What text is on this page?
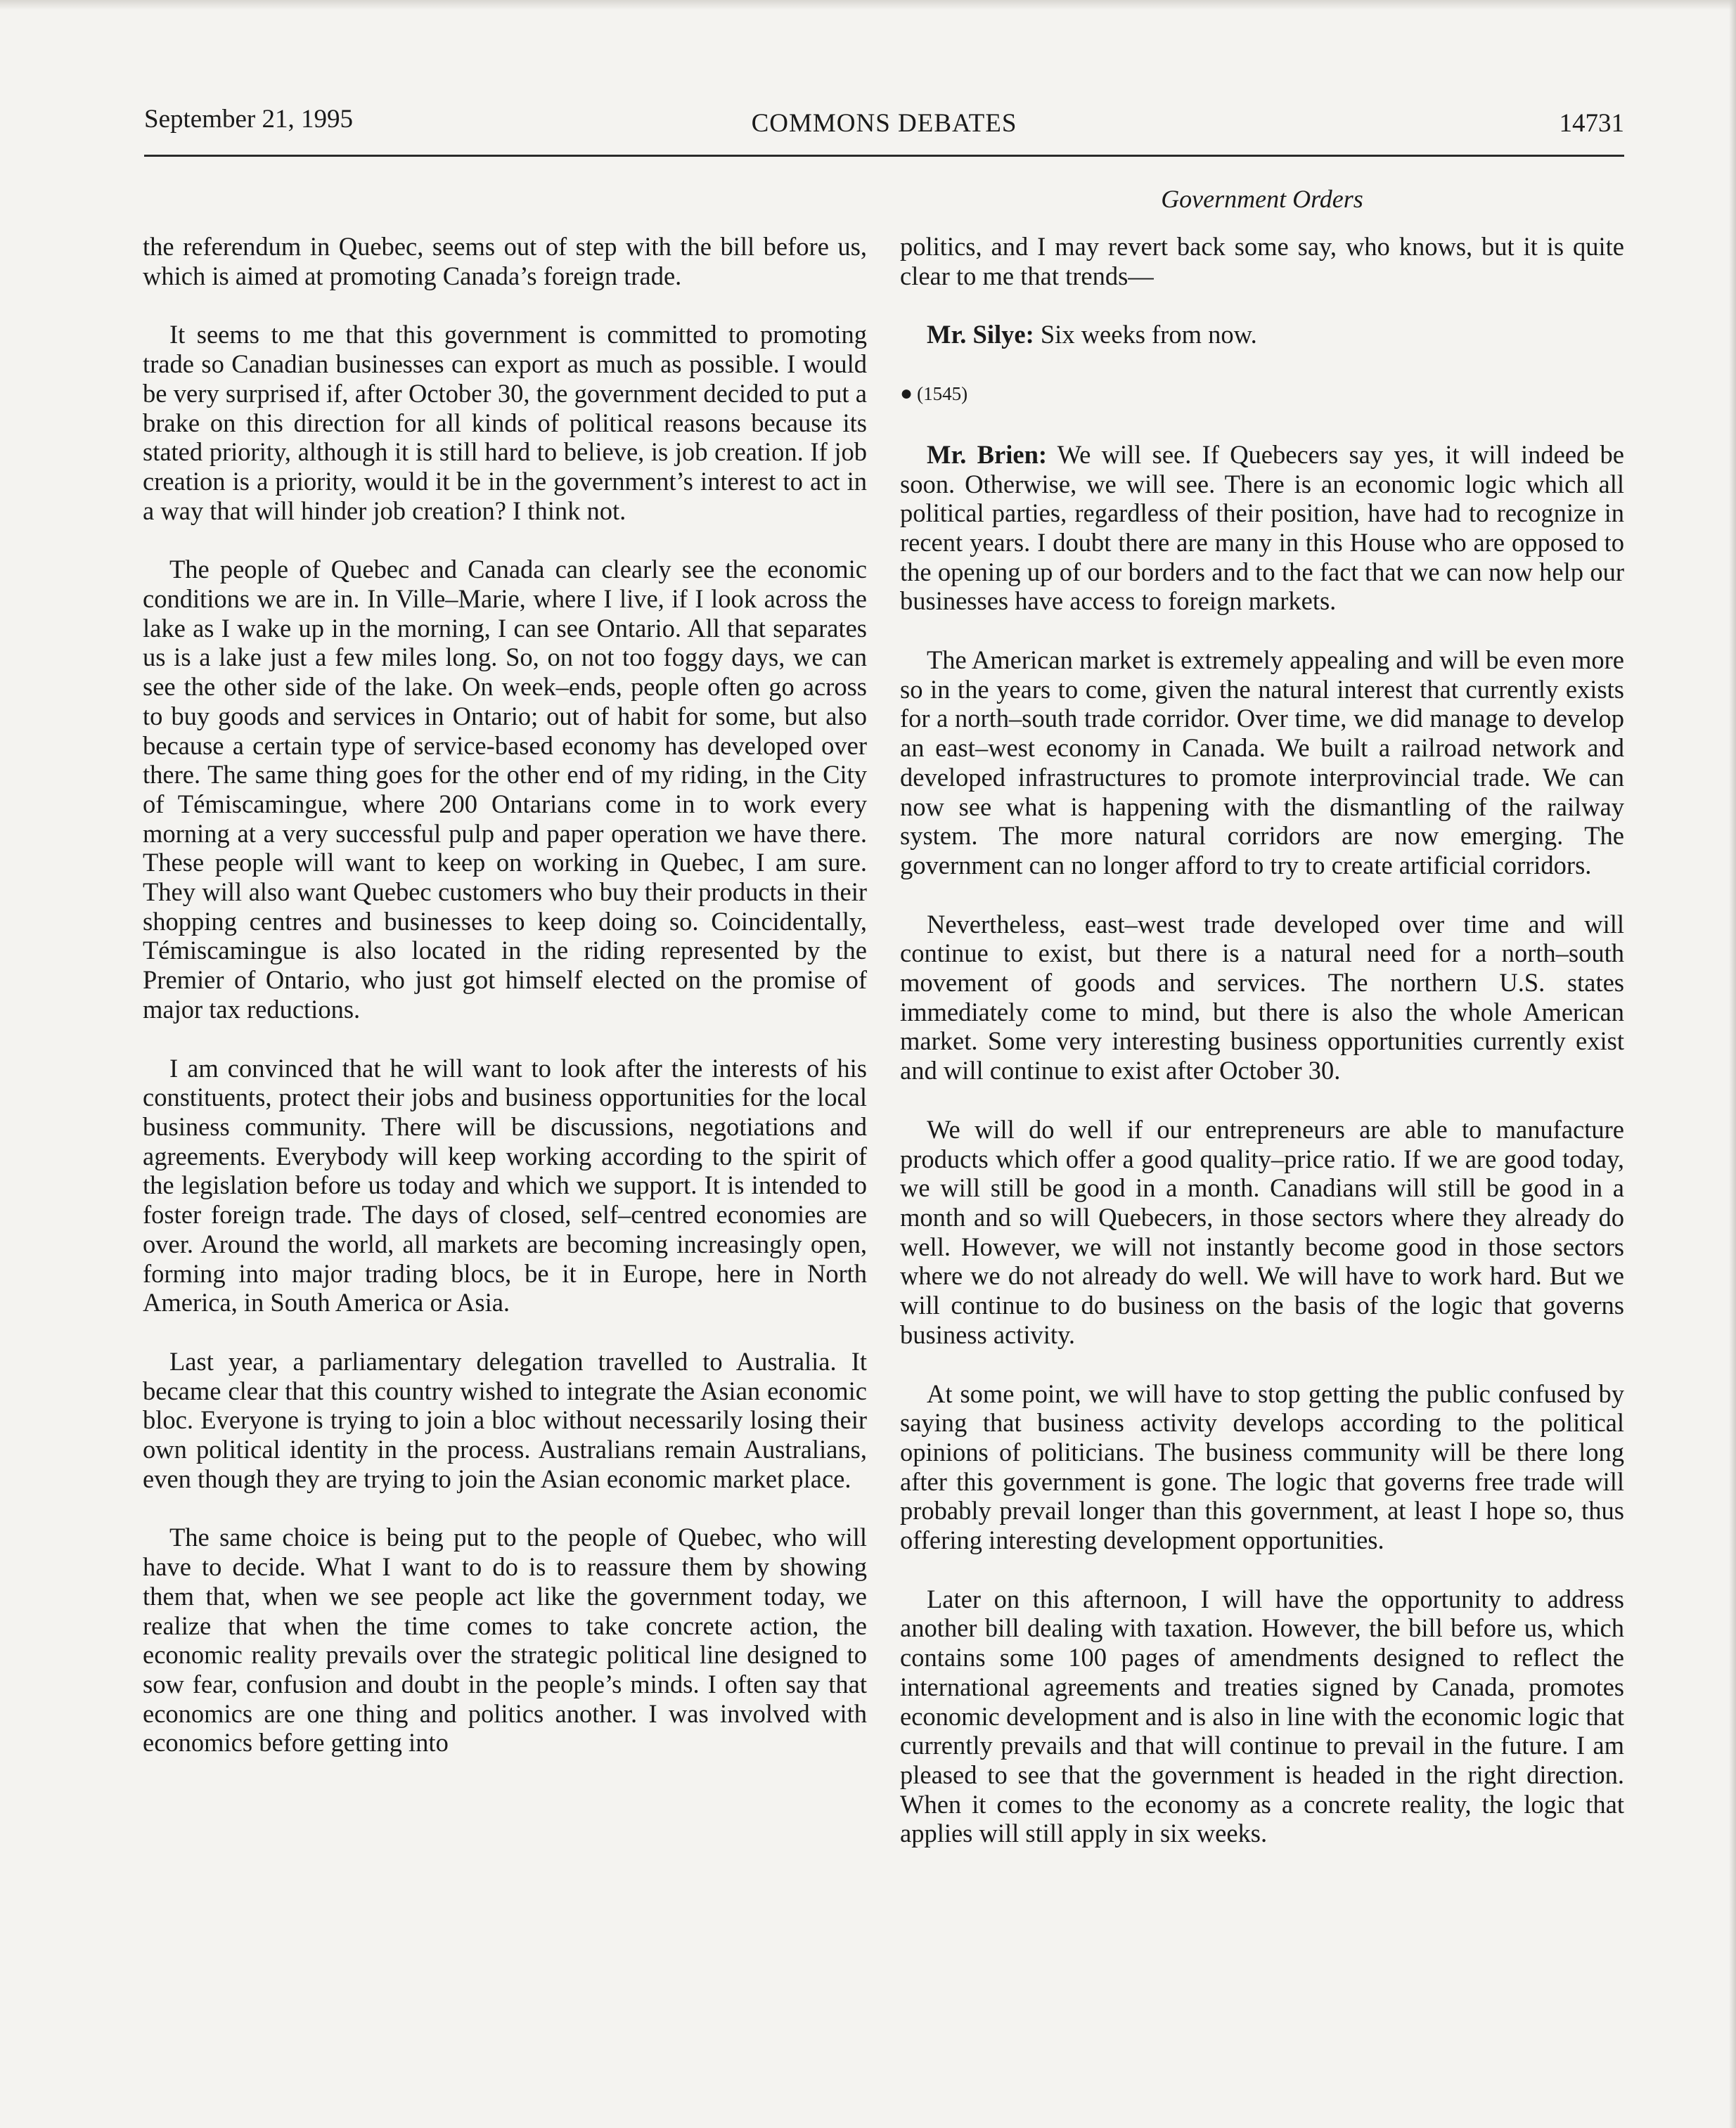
September 21, 1995	COMMONS DEBATES	14731
Government Orders

the referendum in Quebec, seems out of step with the bill before us, which is aimed at promoting Canada’s foreign trade.

It seems to me that this government is committed to promoting trade so Canadian businesses can export as much as possible. I would be very surprised if, after October 30, the government decided to put a brake on this direction for all kinds of political reasons because its stated priority, although it is still hard to believe, is job creation. If job creation is a priority, would it be in the government’s interest to act in a way that will hinder job creation? I think not.

The people of Quebec and Canada can clearly see the economic conditions we are in. In Ville–Marie, where I live, if I look across the lake as I wake up in the morning, I can see Ontario. All that separates us is a lake just a few miles long. So, on not too foggy days, we can see the other side of the lake. On week–ends, people often go across to buy goods and services in Ontario; out of habit for some, but also because a certain type of service-based economy has developed over there. The same thing goes for the other end of my riding, in the City of Témiscamingue, where 200 Ontarians come in to work every morning at a very successful pulp and paper operation we have there. These people will want to keep on working in Quebec, I am sure. They will also want Quebec customers who buy their products in their shopping centres and businesses to keep doing so. Coincidentally, Témiscamingue is also located in the riding represented by the Premier of Ontario, who just got himself elected on the promise of major tax reductions.

I am convinced that he will want to look after the interests of his constituents, protect their jobs and business opportunities for the local business community. There will be discussions, negotiations and agreements. Everybody will keep working according to the spirit of the legislation before us today and which we support. It is intended to foster foreign trade. The days of closed, self–centred economies are over. Around the world, all markets are becoming increasingly open, forming into major trading blocs, be it in Europe, here in North America, in South America or Asia.

Last year, a parliamentary delegation travelled to Australia. It became clear that this country wished to integrate the Asian economic bloc. Everyone is trying to join a bloc without necessarily losing their own political identity in the process. Australians remain Australians, even though they are trying to join the Asian economic market place.

The same choice is being put to the people of Quebec, who will have to decide. What I want to do is to reassure them by showing them that, when we see people act like the government today, we realize that when the time comes to take concrete action, the economic reality prevails over the strategic political line designed to sow fear, confusion and doubt in the people’s minds. I often say that economics are one thing and politics another. I was involved with economics before getting into

politics, and I may revert back some say, who knows, but it is quite clear to me that trends—

Mr. Silye: Six weeks from now.

● (1545)

Mr. Brien: We will see. If Quebecers say yes, it will indeed be soon. Otherwise, we will see. There is an economic logic which all political parties, regardless of their position, have had to recognize in recent years. I doubt there are many in this House who are opposed to the opening up of our borders and to the fact that we can now help our businesses have access to foreign markets.

The American market is extremely appealing and will be even more so in the years to come, given the natural interest that currently exists for a north–south trade corridor. Over time, we did manage to develop an east–west economy in Canada. We built a railroad network and developed infrastructures to promote interprovincial trade. We can now see what is happening with the dismantling of the railway system. The more natural corridors are now emerging. The government can no longer afford to try to create artificial corridors.

Nevertheless, east–west trade developed over time and will continue to exist, but there is a natural need for a north–south movement of goods and services. The northern U.S. states immediately come to mind, but there is also the whole American market. Some very interesting business opportunities currently exist and will continue to exist after October 30.

We will do well if our entrepreneurs are able to manufacture products which offer a good quality–price ratio. If we are good today, we will still be good in a month. Canadians will still be good in a month and so will Quebecers, in those sectors where they already do well. However, we will not instantly become good in those sectors where we do not already do well. We will have to work hard. But we will continue to do business on the basis of the logic that governs business activity.

At some point, we will have to stop getting the public confused by saying that business activity develops according to the political opinions of politicians. The business community will be there long after this government is gone. The logic that governs free trade will probably prevail longer than this government, at least I hope so, thus offering interesting development opportunities.

Later on this afternoon, I will have the opportunity to address another bill dealing with taxation. However, the bill before us, which contains some 100 pages of amendments designed to reflect the international agreements and treaties signed by Canada, promotes economic development and is also in line with the economic logic that currently prevails and that will continue to prevail in the future. I am pleased to see that the government is headed in the right direction. When it comes to the economy as a concrete reality, the logic that applies will still apply in six weeks.
